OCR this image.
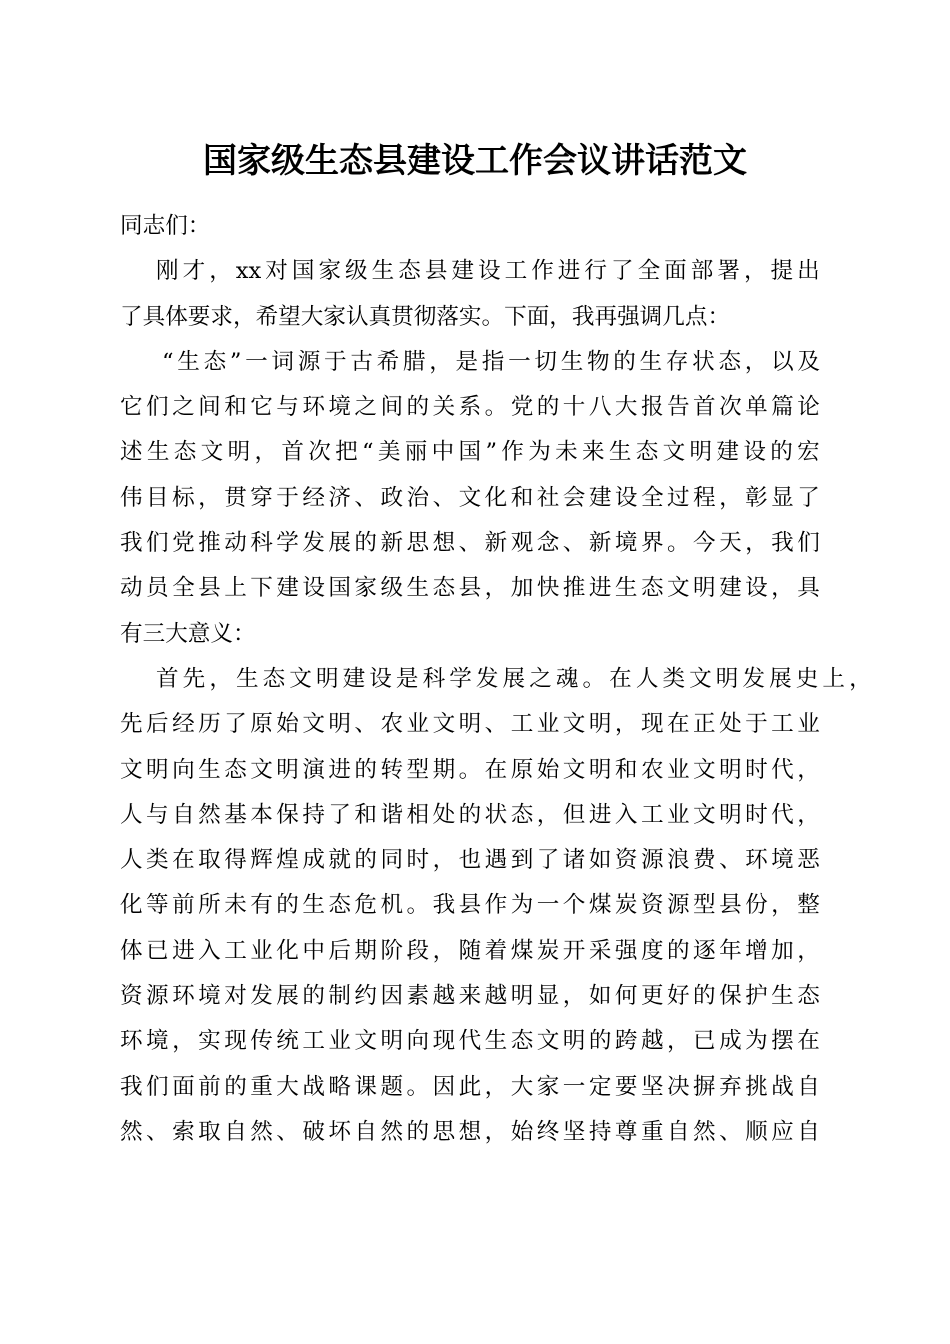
国家级生态县建设工作会议讲话范文
同 志 们 ：
刚 才 ， xx 对 国 家 级 生 态 县 建 设 工 作 进 行 了 全 面 部 署 ， 提 出
了 具 体 要 求 ， 希 望 大 家 认 真 贯 彻 落 实 。 下 面 ， 我 再 强 调 几 点 ：
“ 生 态 ” 一 词 源 于 古 希 腊 ， 是 指 一 切 生 物 的 生 存 状 态 ， 以 及
它 们 之 间 和 它 与 环 境 之 间 的 关 系 。 党 的 十 八 大 报 告 首 次 单 篇 论
述 生 态 文 明 ， 首 次 把 “ 美 丽 中 国 ” 作 为 未 来 生 态 文 明 建 设 的 宏
伟 目 标 ， 贯 穿 于 经 济 、 政 治 、 文 化 和 社 会 建 设 全 过 程 ， 彰 显 了
我 们 党 推 动 科 学 发 展 的 新 思 想 、 新 观 念 、 新 境 界 。 今 天 ， 我 们
动 员 全 县 上 下 建 设 国 家 级 生 态 县 ， 加 快 推 进 生 态 文 明 建 设 ， 具
有 三 大 意 义 ：
首 先 ， 生 态 文 明 建 设 是 科 学 发 展 之 魂 。 在 人 类 文 明 发 展 史 上 ，
先 后 经 历 了 原 始 文 明 、 农 业 文 明 、 工 业 文 明 ， 现 在 正 处 于 工 业
文 明 向 生 态 文 明 演 进 的 转 型 期 。 在 原 始 文 明 和 农 业 文 明 时 代 ，
人 与 自 然 基 本 保 持 了 和 谐 相 处 的 状 态 ， 但 进 入 工 业 文 明 时 代 ，
人 类 在 取 得 辉 煌 成 就 的 同 时 ， 也 遇 到 了 诸 如 资 源 浪 费 、 环 境 恶
化 等 前 所 未 有 的 生 态 危 机 。 我 县 作 为 一 个 煤 炭 资 源 型 县 份 ， 整
体 已 进 入 工 业 化 中 后 期 阶 段 ， 随 着 煤 炭 开 采 强 度 的 逐 年 增 加 ，
资 源 环 境 对 发 展 的 制 约 因 素 越 来 越 明 显 ， 如 何 更 好 的 保 护 生 态
环 境 ， 实 现 传 统 工 业 文 明 向 现 代 生 态 文 明 的 跨 越 ， 已 成 为 摆 在
我 们 面 前 的 重 大 战 略 课 题 。 因 此 ， 大 家 一 定 要 坚 决 摒 弃 挑 战 自
然 、 索 取 自 然 、 破 坏 自 然 的 思 想 ， 始 终 坚 持 尊 重 自 然 、 顺 应 自
